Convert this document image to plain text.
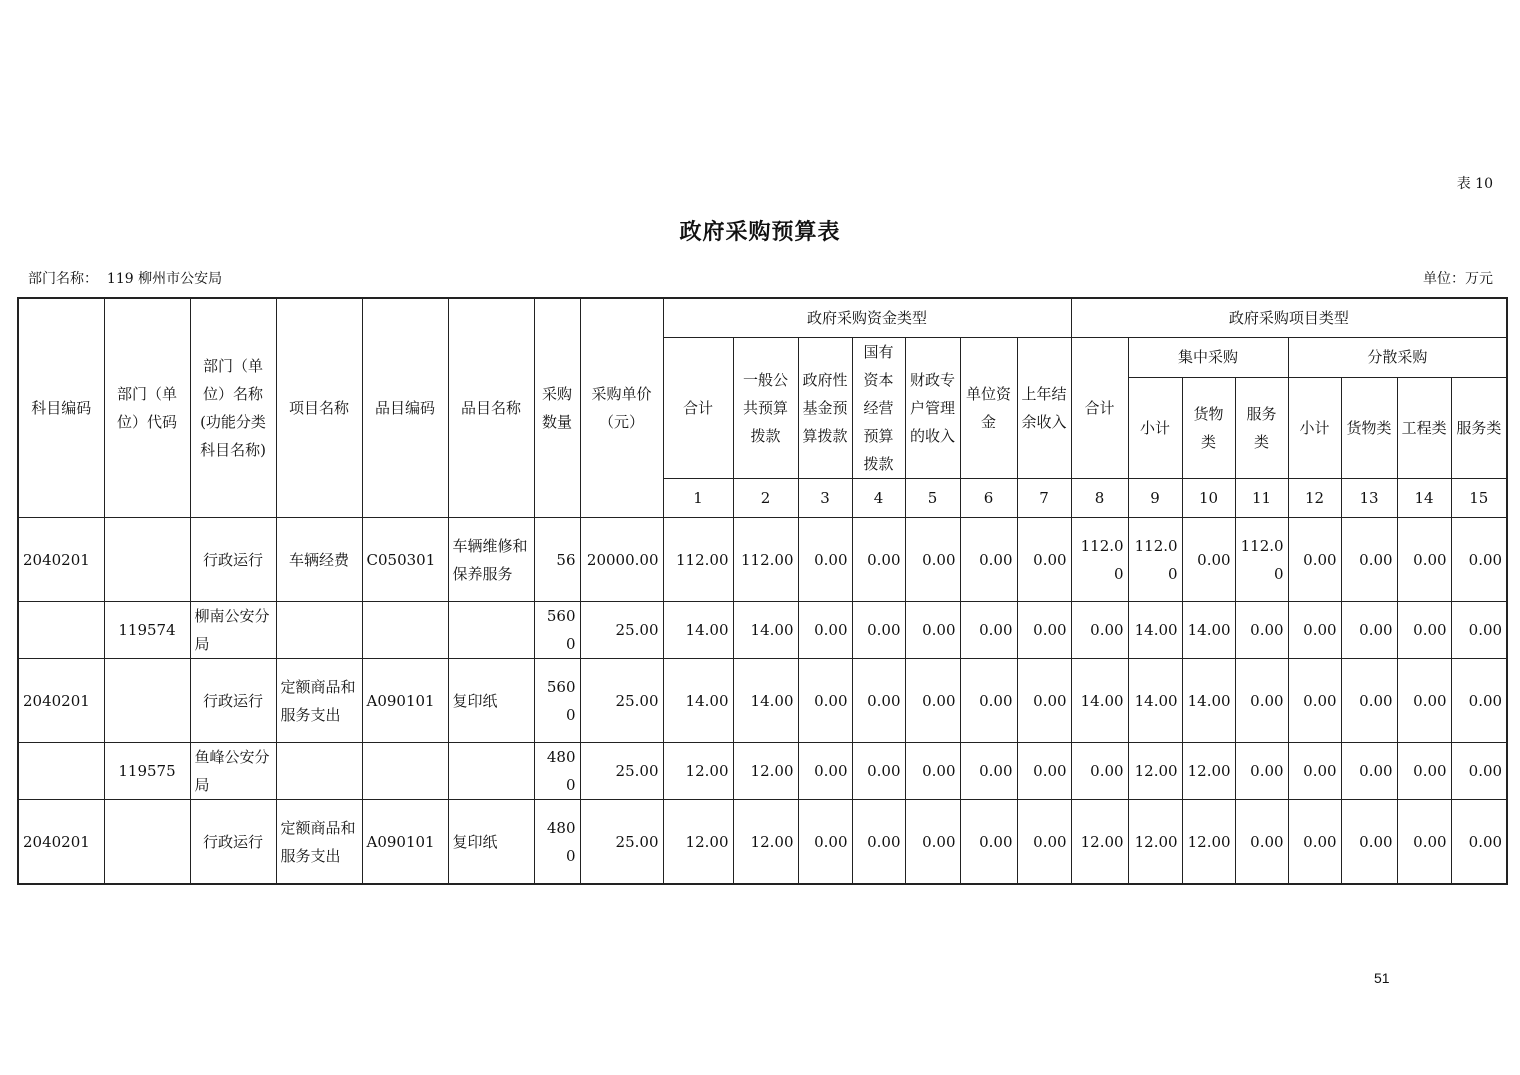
表 10
政府采购预算表
部门名称： 119 柳州市公安局	单位：万元
科目编码	部门（单位）代码	部门（单位）名称(功能分类科目名称)	项目名称	品目编码	品目名称	采购数量	采购单价（元）	政府采购资金类型							政府采购项目类型							
								合计	一般公共预算拨款	政府性基金预算拨款	国有资本经营预算拨款	财政专户管理的收入	单位资金	上年结余收入	合计	集中采购			分散采购			
																小计	货物类	服务类	小计	货物类	工程类	服务类
								1	2	3	4	5	6	7	8	9	10	11	12	13	14	15
2040201		行政运行	车辆经费	C050301	车辆维修和保养服务	56	20000.00	112.00	112.00	0.00	0.00	0.00	0.00	0.00	112.00	112.00	0.00	112.00	0.00	0.00	0.00	0.00
	119574	柳南公安分局				5600	25.00	14.00	14.00	0.00	0.00	0.00	0.00	0.00	0.00	14.00	14.00	0.00	0.00	0.00	0.00	0.00
2040201		行政运行	定额商品和服务支出	A090101	复印纸	5600	25.00	14.00	14.00	0.00	0.00	0.00	0.00	0.00	14.00	14.00	14.00	0.00	0.00	0.00	0.00	0.00
	119575	鱼峰公安分局				4800	25.00	12.00	12.00	0.00	0.00	0.00	0.00	0.00	0.00	12.00	12.00	0.00	0.00	0.00	0.00	0.00
2040201		行政运行	定额商品和服务支出	A090101	复印纸	4800	25.00	12.00	12.00	0.00	0.00	0.00	0.00	0.00	12.00	12.00	12.00	0.00	0.00	0.00	0.00	0.00
51
